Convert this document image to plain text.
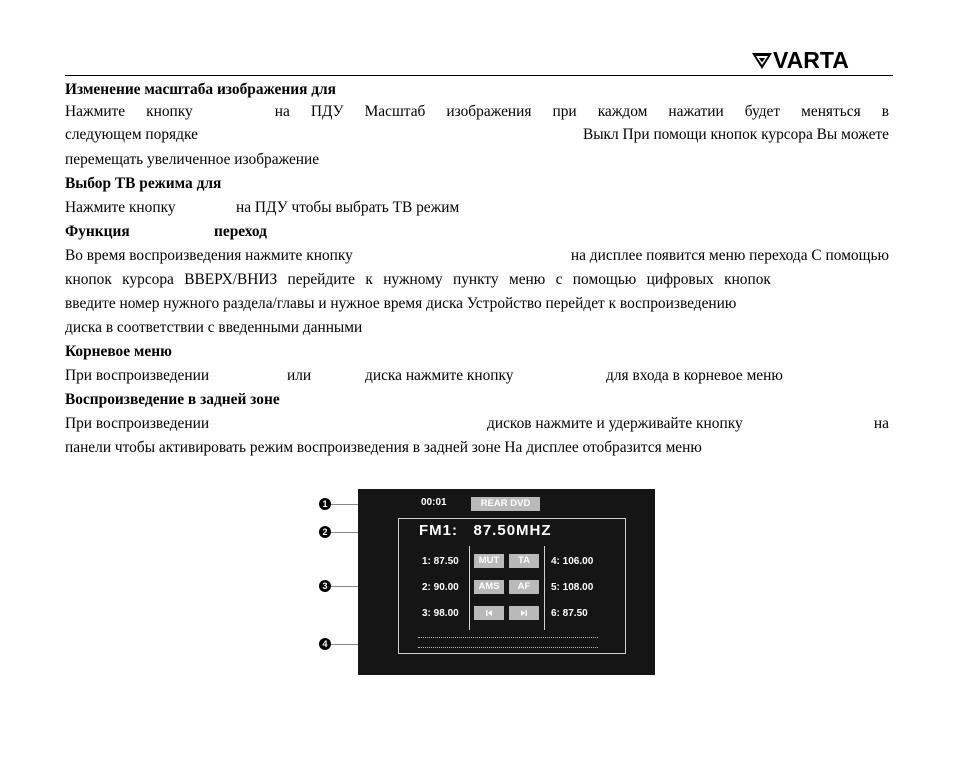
VARTA
Изменение масштаба изображения для
Нажмите кнопку	на ПДУ Масштаб изображения при каждом нажатии будет меняться в
следующем порядке	Выкл При помощи кнопок курсора Вы можете
перемещать увеличенное изображение
Выбор ТВ режима для
Нажмите кнопку	на ПДУ чтобы выбрать ТВ режим
Функция	переход
Во время воспроизведения нажмите кнопку	на дисплее появится меню перехода С помощью
кнопок курсора ВВЕРХ/ВНИЗ перейдите к нужному пункту меню с помощью цифровых кнопок
введите номер нужного раздела/главы и нужное время диска Устройство перейдет к воспроизведению
диска в соответствии с введенными данными
Корневое меню
При воспроизведении	или	диска нажмите кнопку	для входа в корневое меню
Воспроизведение в задней зоне
При воспроизведении	дисков нажмите и удерживайте кнопку	на
панели чтобы активировать режим воспроизведения в задней зоне На дисплее отобразится меню
1
2
3
4
00:01	REAR DVD
FM1:   87.50MHZ
1: 87.50
2: 90.00
3: 98.00
MUT	TA
AMS	AF
4: 106.00
5: 108.00
6: 87.50
